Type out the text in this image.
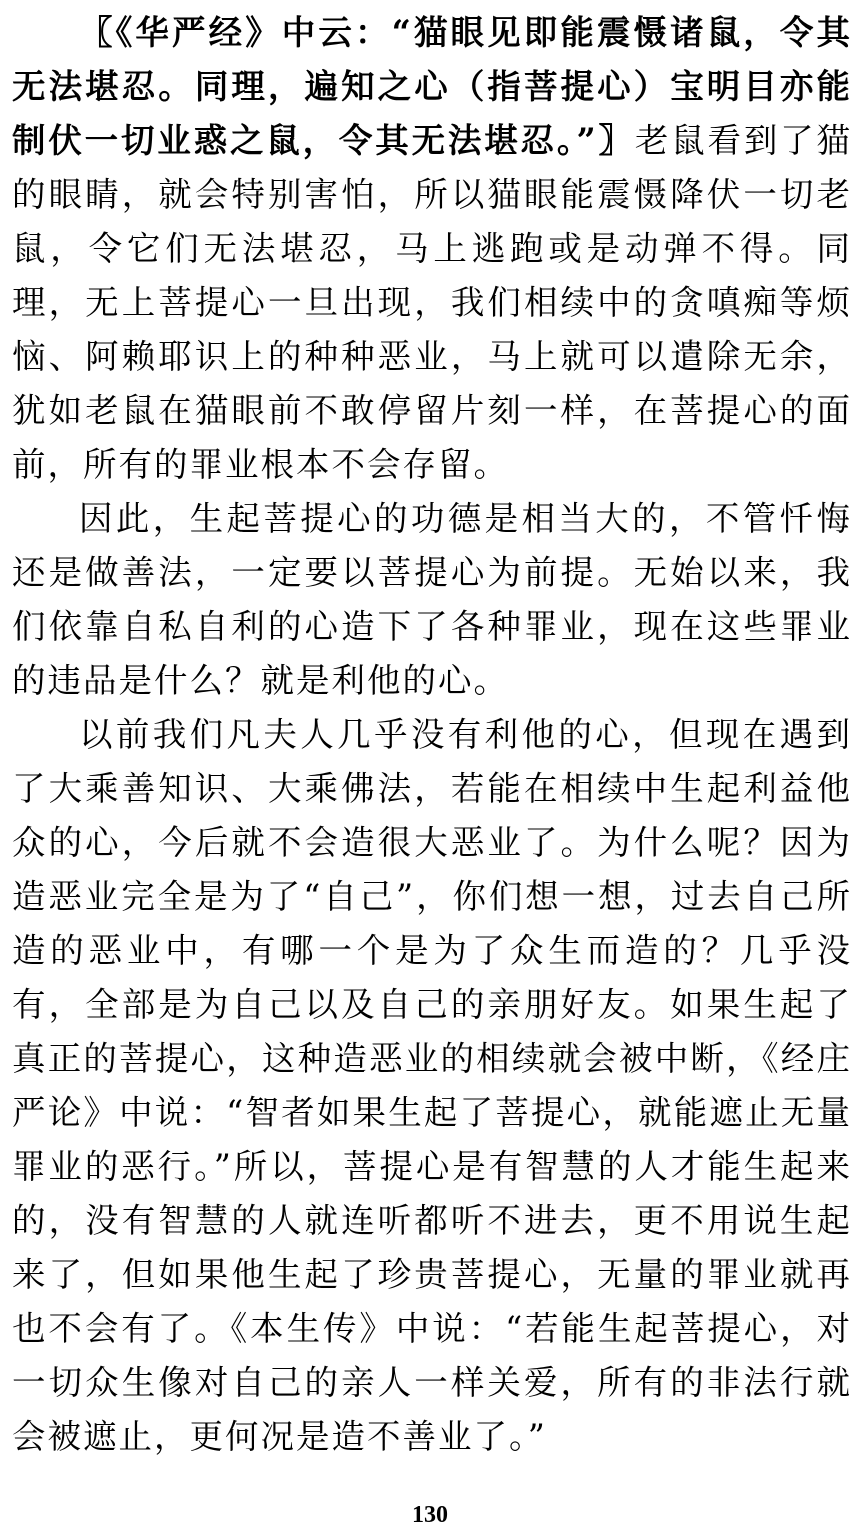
〖《华严经》中云：“猫眼见即能震慑诸鼠，令其无法堪忍。同理，遍知之心（指菩提心）宝明目亦能制伏一切业惑之鼠，令其无法堪忍。”〗老鼠看到了猫的眼睛，就会特别害怕，所以猫眼能震慑降伏一切老鼠，令它们无法堪忍，马上逃跑或是动弹不得。同理，无上菩提心一旦出现，我们相续中的贪嗔痴等烦恼、阿赖耶识上的种种恶业，马上就可以遣除无余，犹如老鼠在猫眼前不敢停留片刻一样，在菩提心的面前，所有的罪业根本不会存留。

因此，生起菩提心的功德是相当大的，不管忏悔还是做善法，一定要以菩提心为前提。无始以来，我们依靠自私自利的心造下了各种罪业，现在这些罪业的违品是什么？就是利他的心。

以前我们凡夫人几乎没有利他的心，但现在遇到了大乘善知识、大乘佛法，若能在相续中生起利益他众的心，今后就不会造很大恶业了。为什么呢？因为造恶业完全是为了“自己”，你们想一想，过去自己所造的恶业中，有哪一个是为了众生而造的？几乎没有，全部是为自己以及自己的亲朋好友。如果生起了真正的菩提心，这种造恶业的相续就会被中断，《经庄严论》中说：“智者如果生起了菩提心，就能遮止无量罪业的恶行。”所以，菩提心是有智慧的人才能生起来的，没有智慧的人就连听都听不进去，更不用说生起来了，但如果他生起了珍贵菩提心，无量的罪业就再也不会有了。《本生传》中说：“若能生起菩提心，对一切众生像对自己的亲人一样关爱，所有的非法行就会被遮止，更何况是造不善业了。”

130
